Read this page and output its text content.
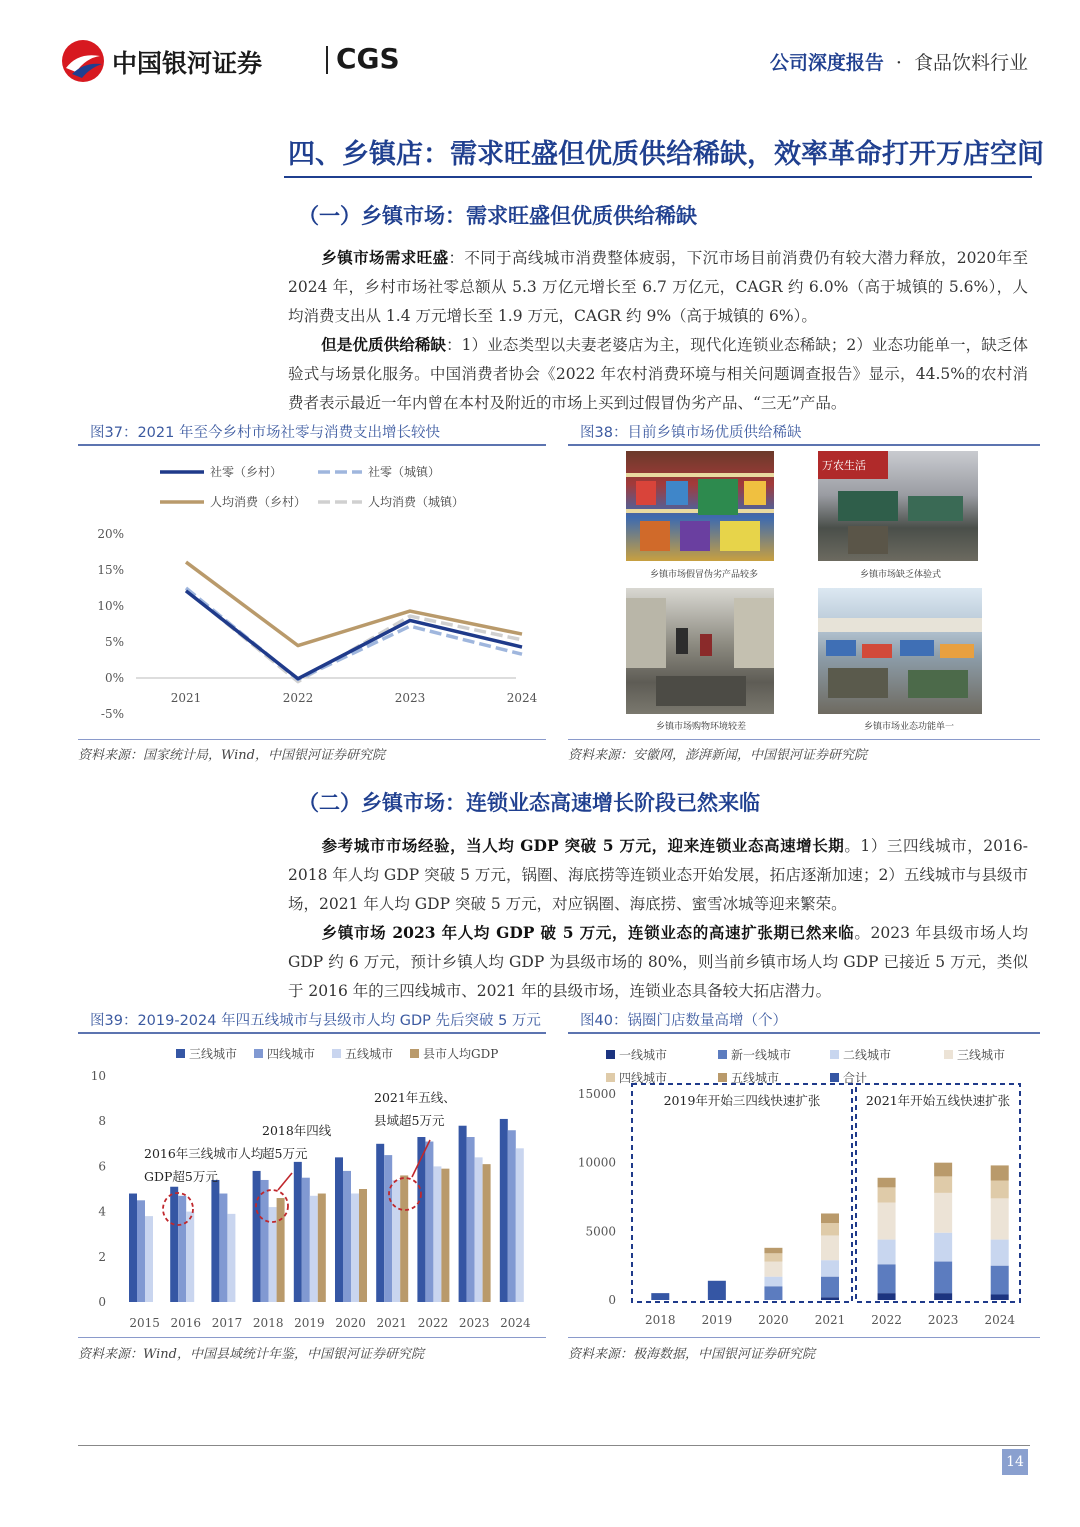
中国银河证券	CGS	公司深度报告 · 食品饮料行业
四、乡镇店：需求旺盛但优质供给稀缺，效率革命打开万店空间
（一）乡镇市场：需求旺盛但优质供给稀缺
乡镇市场需求旺盛：不同于高线城市消费整体疲弱，下沉市场目前消费仍有较大潜力释放，2020年至 2024 年，乡村市场社零总额从 5.3 万亿元增长至 6.7 万亿元，CAGR 约 6.0%（高于城镇的 5.6%），人均消费支出从 1.4 万元增长至 1.9 万元，CAGR 约 9%（高于城镇的 6%）。
但是优质供给稀缺：1）业态类型以夫妻老婆店为主，现代化连锁业态稀缺；2）业态功能单一，缺乏体验式与场景化服务。中国消费者协会《2022 年农村消费环境与相关问题调查报告》显示，44.5%的农村消费者表示最近一年内曾在本村及附近的市场上买到过假冒伪劣产品、“三无”产品。
图37：2021 年至今乡村市场社零与消费支出增长较快
社零（乡村）	社零（城镇）
人均消费（乡村）	人均消费（城镇）
20%
15%
10%
5%
0%
-5%
2021	2022	2023	2024
资料来源：国家统计局，Wind，中国银河证券研究院
图38：目前乡镇市场优质供给稀缺
乡镇市场假冒伪劣产品较多
万农生活
乡镇市场缺乏体验式
乡镇市场购物环境较差	乡镇市场业态功能单一
资料来源：安徽网，澎湃新闻，中国银河证券研究院
（二）乡镇市场：连锁业态高速增长阶段已然来临
参考城市市场经验，当人均 GDP 突破 5 万元，迎来连锁业态高速增长期。1）三四线城市，2016-2018 年人均 GDP 突破 5 万元，锅圈、海底捞等连锁业态开始发展，拓店逐渐加速；2）五线城市与县级市场，2021 年人均 GDP 突破 5 万元，对应锅圈、海底捞、蜜雪冰城等迎来繁荣。
乡镇市场 2023 年人均 GDP 破 5 万元，连锁业态的高速扩张期已然来临。2023 年县级市场人均 GDP 约 6 万元，预计乡镇人均 GDP 为县级市场的 80%，则当前乡镇市场人均 GDP 已接近 5 万元，类似于 2016 年的三四线城市、2021 年的县级市场，连锁业态具备较大拓店潜力。
图39：2019-2024 年四五线城市与县级市人均 GDP 先后突破 5 万元
三线城市 四线城市 五线城市 县市人均GDP
10
8
6
4
2
0
2015 2016 2017 2018 2019 2020 2021 2022 2023 2024
2016年三线城市人均
GDP超5万元
2018年四线
超5万元
2021年五线、
县域超5万元
资料来源：Wind，中国县域统计年鉴，中国银河证券研究院
图40：锅圈门店数量高增（个）
一线城市	新一线城市	二线城市	三线城市
四线城市	五线城市	合计
15000
10000
5000
0
2018 2019 2020 2021 2022 2023 2024
2019年开始三四线快速扩张	2021年开始五线快速扩张
资料来源：极海数据，中国银河证券研究院
14
